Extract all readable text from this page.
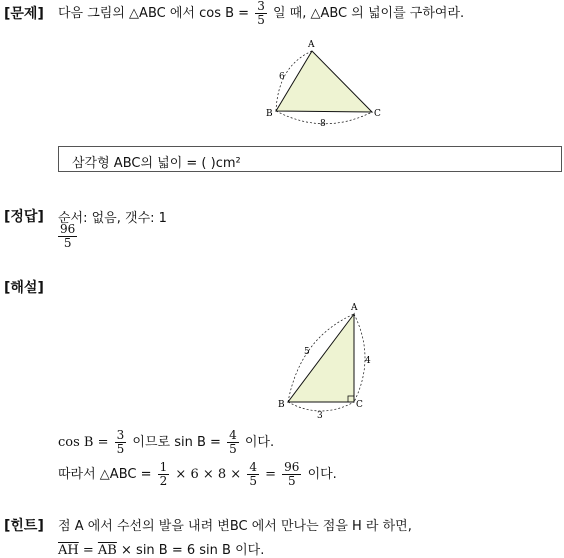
[문제] 다음 그림의 △ABC 에서 $\cos B = \frac{3}{5}$ 일 때, △ABC 의 넓이를 구하여라.
A
B	C
6
8
삼각형 ABC의 넓이 = ( )cm²
[정답] 순서: 없음, 갯수: 1
$\frac{96}{5}$
[해설]
A
B	C
5
4
3
$\cos B = \frac{3}{5}$ 이므로 $\sin B = \frac{4}{5}$ 이다.
따라서 △ABC = $\frac{1}{2} \times 6 \times 8 \times \frac{4}{5} = \frac{96}{5}$ 이다.
[힌트] 점 A 에서 수선의 발을 내려 변BC 에서 만나는 점을 H 라 하면,
$\overline{AH} = \overline{AB} \times \sin B = 6$ sin B 이다.
